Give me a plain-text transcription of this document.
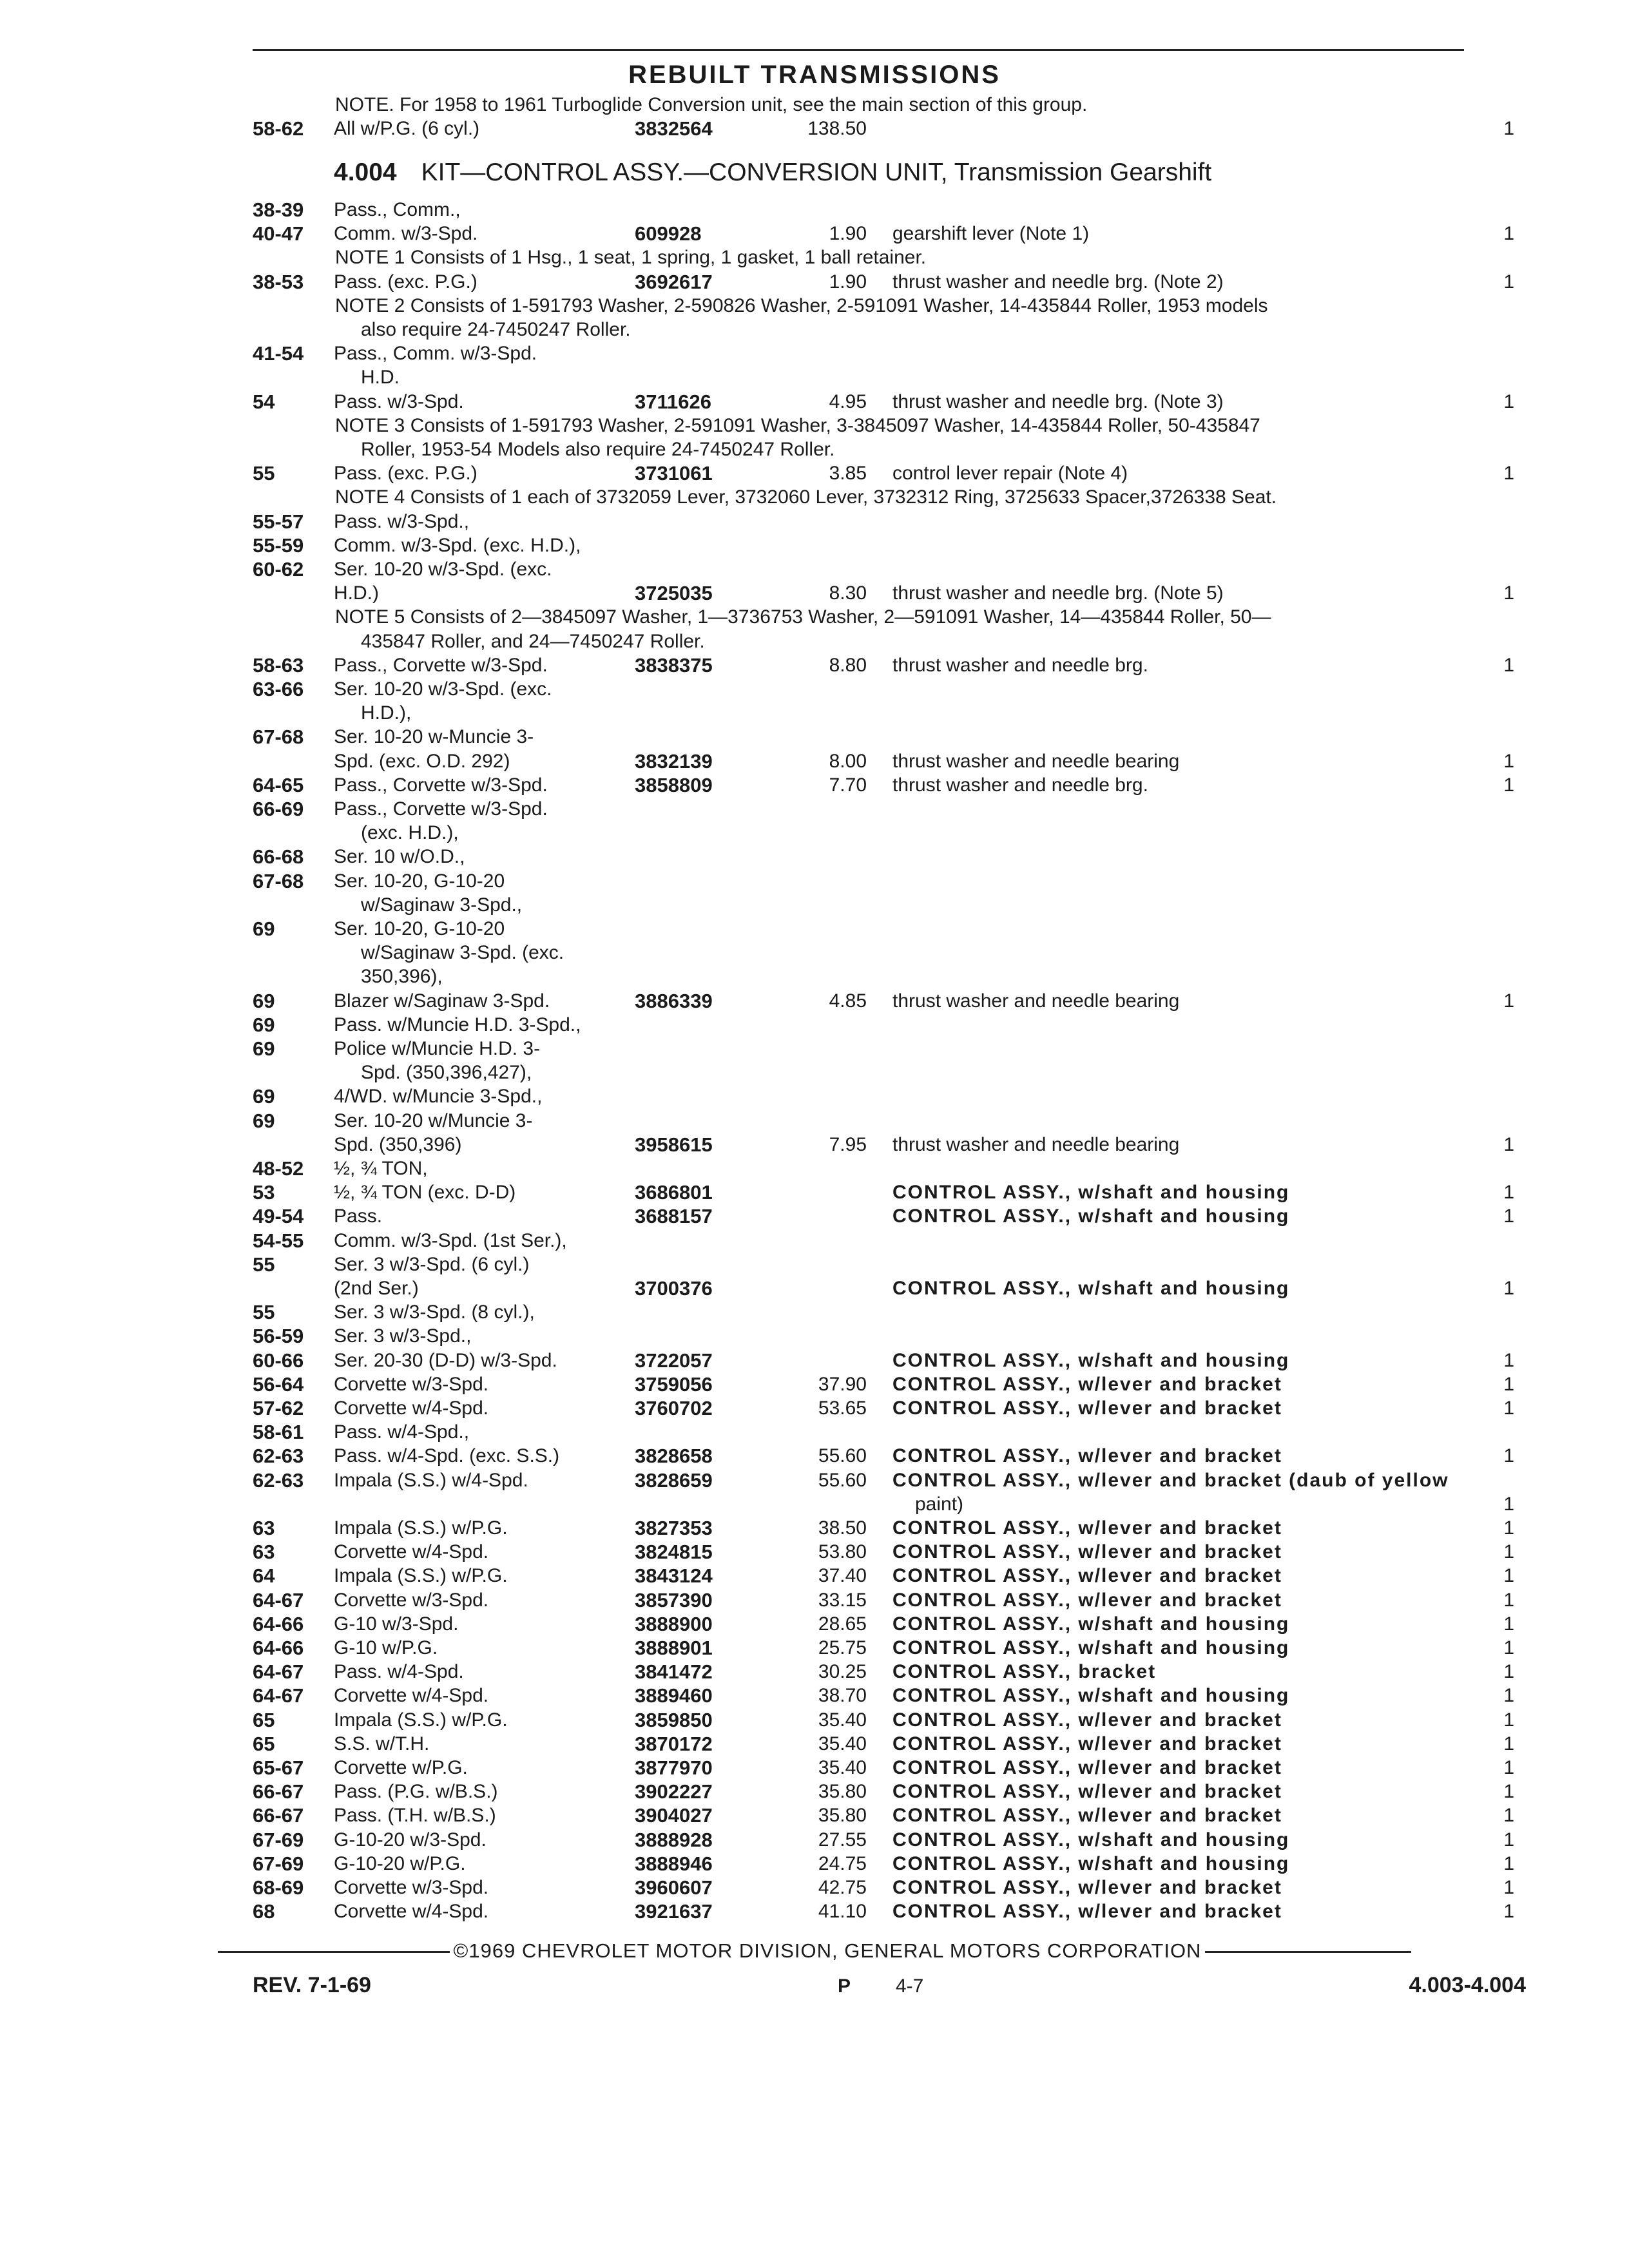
REBUILT TRANSMISSIONS
NOTE. For 1958 to 1961 Turboglide Conversion unit, see the main section of this group.
4.004 KIT—CONTROL ASSY.—CONVERSION UNIT, Transmission Gearshift
58-62 All w/P.G. (6 cyl.)	3832564	138.50	1
38-39 Pass., Comm.,
40-47 Comm. w/3-Spd.	609928	1.90 gearshift lever (Note 1)	1
NOTE 1 Consists of 1 Hsg., 1 seat, 1 spring, 1 gasket, 1 ball retainer.
38-53 Pass. (exc. P.G.)	3692617	1.90 thrust washer and needle brg. (Note 2)	1
NOTE 2 Consists of 1-591793 Washer, 2-590826 Washer, 2-591091 Washer, 14-435844 Roller, 1953 models
also require 24-7450247 Roller.
41-54 Pass., Comm. w/3-Spd.
H.D.
54	Pass. w/3-Spd.	3711626	4.95 thrust washer and needle brg. (Note 3)	1
NOTE 3 Consists of 1-591793 Washer, 2-591091 Washer, 3-3845097 Washer, 14-435844 Roller, 50-435847
Roller, 1953-54 Models also require 24-7450247 Roller.
55	Pass. (exc. P.G.)	3731061	3.85 control lever repair (Note 4)	1
NOTE 4 Consists of 1 each of 3732059 Lever, 3732060 Lever, 3732312 Ring, 3725633 Spacer,3726338 Seat.
55-57 Pass. w/3-Spd.,
55-59 Comm. w/3-Spd. (exc. H.D.),
60-62 Ser. 10-20 w/3-Spd. (exc.
H.D.)	3725035	8.30 thrust washer and needle brg. (Note 5)	1
NOTE 5 Consists of 2—3845097 Washer, 1—3736753 Washer, 2—591091 Washer, 14—435844 Roller, 50—
435847 Roller, and 24—7450247 Roller.
58-63 Pass., Corvette w/3-Spd.	3838375	8.80 thrust washer and needle brg.	1
63-66 Ser. 10-20 w/3-Spd. (exc.
H.D.),
67-68 Ser. 10-20 w-Muncie 3-
Spd. (exc. O.D. 292)	3832139	8.00 thrust washer and needle bearing	1
64-65 Pass., Corvette w/3-Spd.	3858809	7.70 thrust washer and needle brg.	1
66-69 Pass., Corvette w/3-Spd.
(exc. H.D.),
66-68 Ser. 10 w/O.D.,
67-68 Ser. 10-20, G-10-20
w/Saginaw 3-Spd.,
69	Ser. 10-20, G-10-20
w/Saginaw 3-Spd. (exc.
350,396),
69	Blazer w/Saginaw 3-Spd.	3886339	4.85 thrust washer and needle bearing	1
69	Pass. w/Muncie H.D. 3-Spd.,
69	Police w/Muncie H.D. 3-
Spd. (350,396,427),
69	4/WD. w/Muncie 3-Spd.,
69	Ser. 10-20 w/Muncie 3-
Spd. (350,396)	3958615	7.95 thrust washer and needle bearing	1
48-52 ½, ¾ TON,
53	½, ¾ TON (exc. D-D)	3686801	CONTROL ASSY., w/shaft and housing	1
49-54 Pass.	3688157	CONTROL ASSY., w/shaft and housing	1
54-55 Comm. w/3-Spd. (1st Ser.),
55	Ser. 3 w/3-Spd. (6 cyl.)
(2nd Ser.)	3700376	CONTROL ASSY., w/shaft and housing	1
55	Ser. 3 w/3-Spd. (8 cyl.),
56-59 Ser. 3 w/3-Spd.,
60-66 Ser. 20-30 (D-D) w/3-Spd.	3722057	CONTROL ASSY., w/shaft and housing	1
56-64 Corvette w/3-Spd.	3759056	37.90 CONTROL ASSY., w/lever and bracket	1
57-62 Corvette w/4-Spd.	3760702	53.65 CONTROL ASSY., w/lever and bracket	1
58-61 Pass. w/4-Spd.,
62-63 Pass. w/4-Spd. (exc. S.S.)	3828658	55.60 CONTROL ASSY., w/lever and bracket	1
62-63 Impala (S.S.) w/4-Spd.	3828659	55.60 CONTROL ASSY., w/lever and bracket (daub of yellow
paint)	1
63	Impala (S.S.) w/P.G.	3827353	38.50 CONTROL ASSY., w/lever and bracket	1
63	Corvette w/4-Spd.	3824815	53.80 CONTROL ASSY., w/lever and bracket	1
64	Impala (S.S.) w/P.G.	3843124	37.40 CONTROL ASSY., w/lever and bracket	1
64-67 Corvette w/3-Spd.	3857390	33.15 CONTROL ASSY., w/lever and bracket	1
64-66 G-10 w/3-Spd.	3888900	28.65 CONTROL ASSY., w/shaft and housing	1
64-66 G-10 w/P.G.	3888901	25.75 CONTROL ASSY., w/shaft and housing	1
64-67 Pass. w/4-Spd.	3841472	30.25 CONTROL ASSY., bracket	1
64-67 Corvette w/4-Spd.	3889460	38.70 CONTROL ASSY., w/shaft and housing	1
65	Impala (S.S.) w/P.G.	3859850	35.40 CONTROL ASSY., w/lever and bracket	1
65	S.S. w/T.H.	3870172	35.40 CONTROL ASSY., w/lever and bracket	1
65-67 Corvette w/P.G.	3877970	35.40 CONTROL ASSY., w/lever and bracket	1
66-67 Pass. (P.G. w/B.S.)	3902227	35.80 CONTROL ASSY., w/lever and bracket	1
66-67 Pass. (T.H. w/B.S.)	3904027	35.80 CONTROL ASSY., w/lever and bracket	1
67-69 G-10-20 w/3-Spd.	3888928	27.55 CONTROL ASSY., w/shaft and housing	1
67-69 G-10-20 w/P.G.	3888946	24.75 CONTROL ASSY., w/shaft and housing	1
68-69 Corvette w/3-Spd.	3960607	42.75 CONTROL ASSY., w/lever and bracket	1
68	Corvette w/4-Spd.	3921637	41.10 CONTROL ASSY., w/lever and bracket	1
©1969 CHEVROLET MOTOR DIVISION, GENERAL MOTORS CORPORATION
REV. 7-1-69	P 4-7	4.003-4.004
